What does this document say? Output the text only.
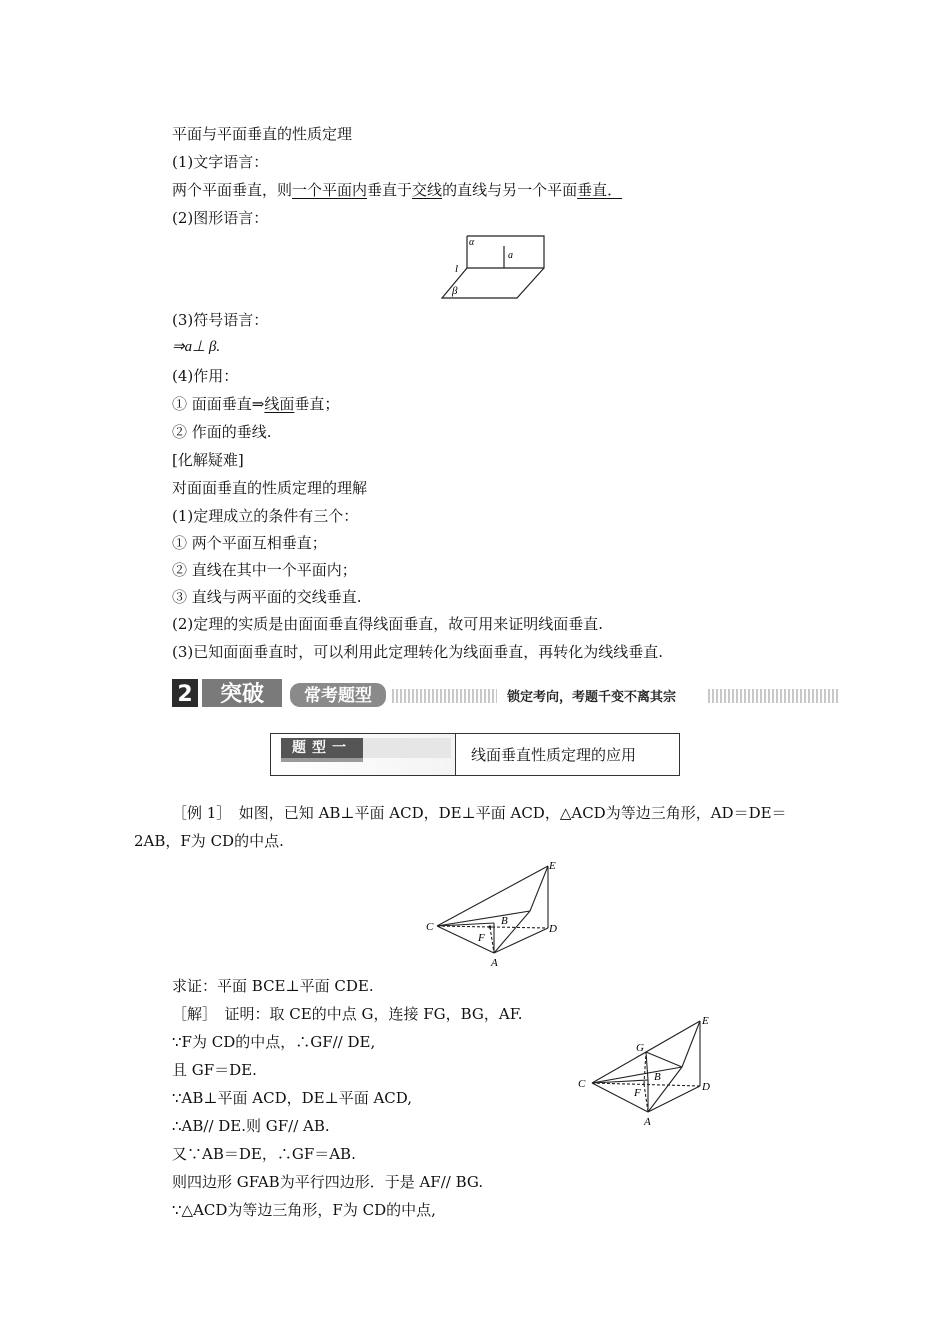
平面与平面垂直的性质定理
(1)文字语言：
两个平面垂直，则一个平面内垂直于交线的直线与另一个平面垂直．
(2)图形语言：
α
a
l
β
(3)符号语言：
⇒a⊥ β.
(4)作用：
① 面面垂直⇒线面垂直；
② 作面的垂线.
[化解疑难]
对面面垂直的性质定理的理解
(1)定理成立的条件有三个：
① 两个平面互相垂直；
② 直线在其中一个平面内；
③ 直线与两平面的交线垂直.
(2)定理的实质是由面面垂直得线面垂直，故可用来证明线面垂直.
(3)已知面面垂直时，可以利用此定理转化为线面垂直，再转化为线线垂直.
2 突破 常考题型	锁定考向，考题千变不离其宗
题型一	线面垂直性质定理的应用
［例 1］　如图，已知 AB⊥平面 ACD，DE⊥平面 ACD，△ACD为等边三角形，AD＝DE＝
2AB，F为 CD的中点.
E
C	B
F
D
A
求证：平面 BCE⊥平面 CDE.
［解］　证明：取 CE的中点 G，连接 FG，BG，AF.
∵F为 CD的中点，∴GF// DE,
且 GF＝DE.
∵AB⊥平面 ACD，DE⊥平面 ACD,
∴AB// DE.则 GF// AB.
又∵AB＝DE，∴GF＝AB.
则四边形 GFAB为平行四边形．于是 AF// BG.
∵△ACD为等边三角形，F为 CD的中点,
E
G
C
B
F	D
A
